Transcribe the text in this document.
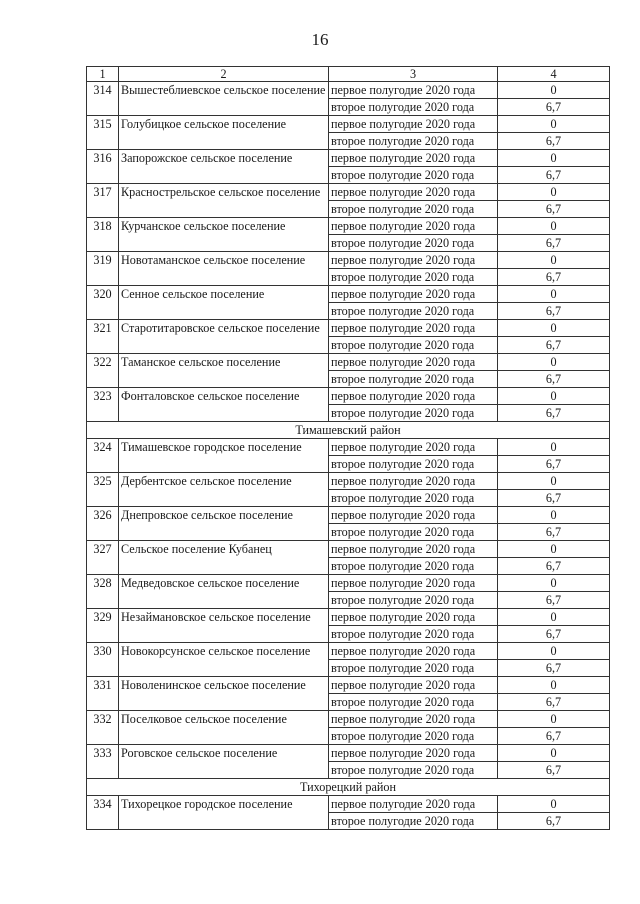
16
1	2	3	4
314	Вышестеблиевское сельское поселение	первое полугодие 2020 года	0
		второе полугодие 2020 года	6,7
315	Голубицкое сельское поселение	первое полугодие 2020 года	0
		второе полугодие 2020 года	6,7
316	Запорожское сельское поселение	первое полугодие 2020 года	0
		второе полугодие 2020 года	6,7
317	Краснострельское сельское поселение	первое полугодие 2020 года	0
		второе полугодие 2020 года	6,7
318	Курчанское сельское поселение	первое полугодие 2020 года	0
		второе полугодие 2020 года	6,7
319	Новотаманское сельское поселение	первое полугодие 2020 года	0
		второе полугодие 2020 года	6,7
320	Сенное сельское поселение	первое полугодие 2020 года	0
		второе полугодие 2020 года	6,7
321	Старотитаровское сельское поселение	первое полугодие 2020 года	0
		второе полугодие 2020 года	6,7
322	Таманское сельское поселение	первое полугодие 2020 года	0
		второе полугодие 2020 года	6,7
323	Фонталовское сельское поселение	первое полугодие 2020 года	0
		второе полугодие 2020 года	6,7
Тимашевский район			
324	Тимашевское городское поселение	первое полугодие 2020 года	0
		второе полугодие 2020 года	6,7
325	Дербентское сельское поселение	первое полугодие 2020 года	0
		второе полугодие 2020 года	6,7
326	Днепровское сельское поселение	первое полугодие 2020 года	0
		второе полугодие 2020 года	6,7
327	Сельское поселение Кубанец	первое полугодие 2020 года	0
		второе полугодие 2020 года	6,7
328	Медведовское сельское поселение	первое полугодие 2020 года	0
		второе полугодие 2020 года	6,7
329	Незаймановское сельское поселение	первое полугодие 2020 года	0
		второе полугодие 2020 года	6,7
330	Новокорсунское сельское поселение	первое полугодие 2020 года	0
		второе полугодие 2020 года	6,7
331	Новоленинское сельское поселение	первое полугодие 2020 года	0
		второе полугодие 2020 года	6,7
332	Поселковое сельское поселение	первое полугодие 2020 года	0
		второе полугодие 2020 года	6,7
333	Роговское сельское поселение	первое полугодие 2020 года	0
		второе полугодие 2020 года	6,7
Тихорецкий район			
334	Тихорецкое городское поселение	первое полугодие 2020 года	0
		второе полугодие 2020 года	6,7
